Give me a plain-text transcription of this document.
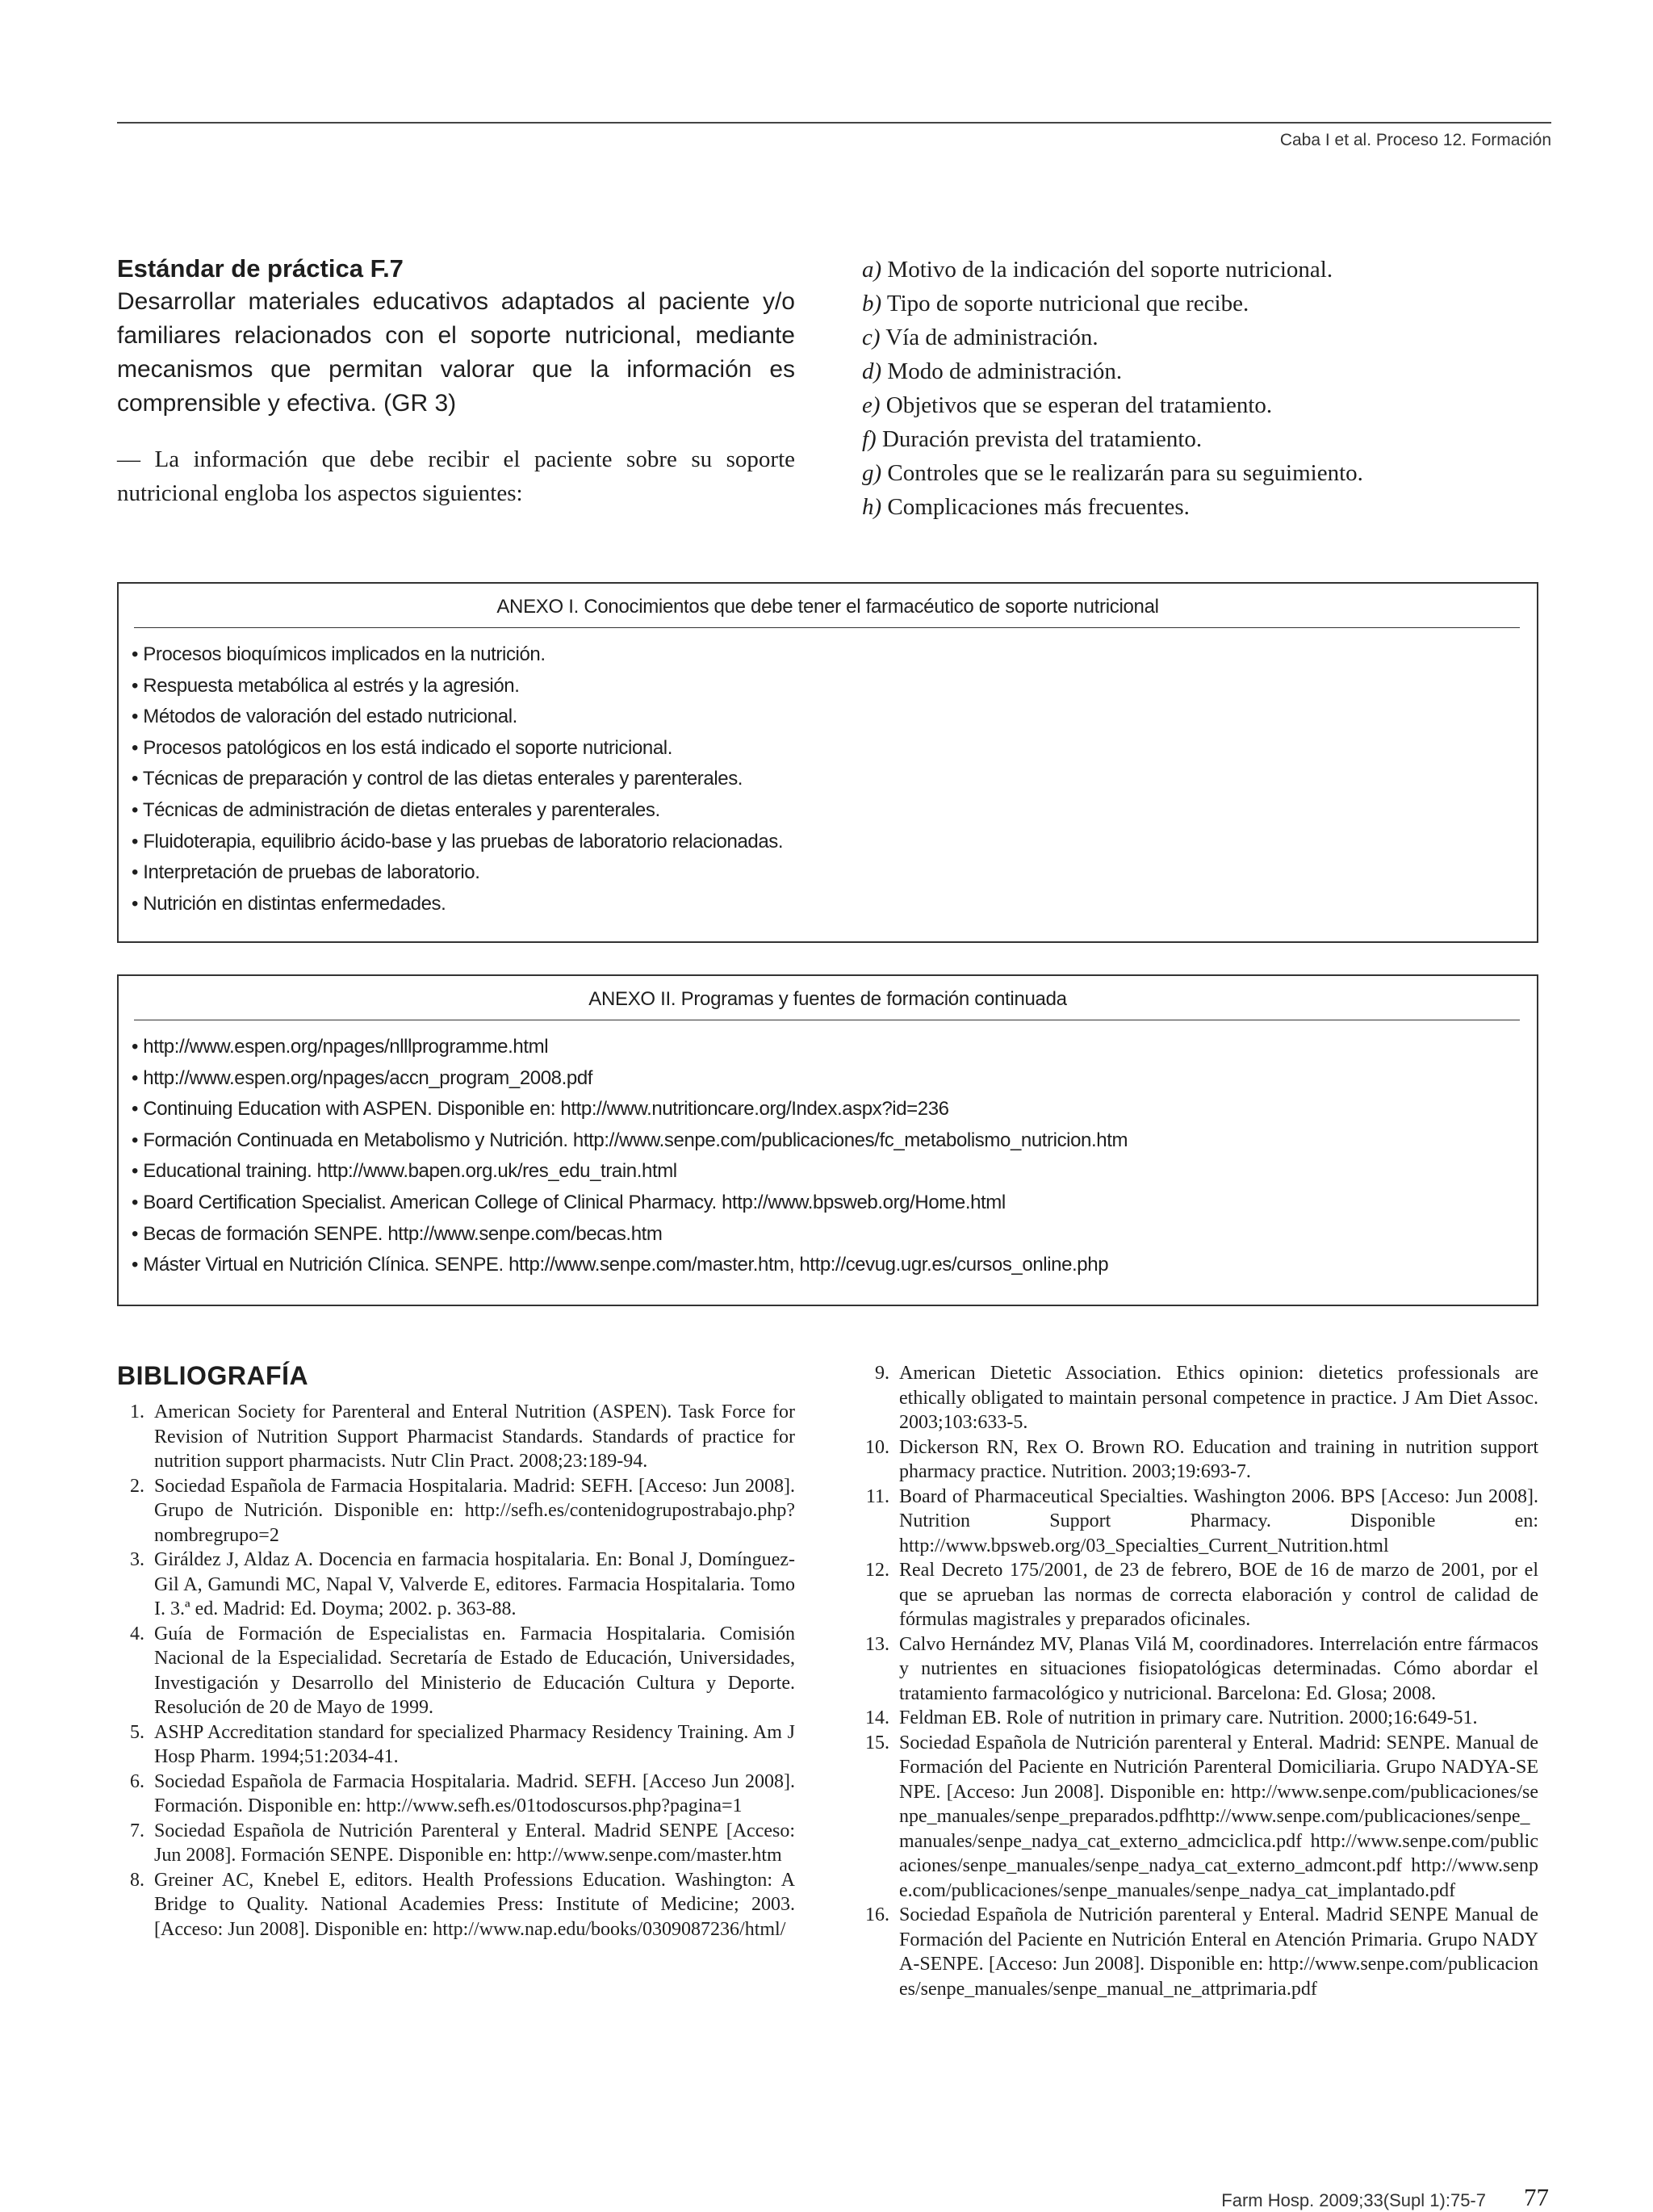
Caba I et al. Proceso 12. Formación
Estándar de práctica F.7

Desarrollar materiales educativos adaptados al paciente y/o familiares relacionados con el soporte nutricional, mediante mecanismos que permitan valorar que la información es comprensible y efectiva. (GR 3)

— La información que debe recibir el paciente sobre su soporte nutricional engloba los aspectos siguientes:

a) Motivo de la indicación del soporte nutricional.
b) Tipo de soporte nutricional que recibe.
c) Vía de administración.
d) Modo de administración.
e) Objetivos que se esperan del tratamiento.
f) Duración prevista del tratamiento.
g) Controles que se le realizarán para su seguimiento.
h) Complicaciones más frecuentes.
ANEXO I. Conocimientos que debe tener el farmacéutico de soporte nutricional
• Procesos bioquímicos implicados en la nutrición.
• Respuesta metabólica al estrés y la agresión.
• Métodos de valoración del estado nutricional.
• Procesos patológicos en los está indicado el soporte nutricional.
• Técnicas de preparación y control de las dietas enterales y parenterales.
• Técnicas de administración de dietas enterales y parenterales.
• Fluidoterapia, equilibrio ácido-base y las pruebas de laboratorio relacionadas.
• Interpretación de pruebas de laboratorio.
• Nutrición en distintas enfermedades.
ANEXO II. Programas y fuentes de formación continuada
• http://www.espen.org/npages/nlllprogramme.html
• http://www.espen.org/npages/accn_program_2008.pdf
• Continuing Education with ASPEN. Disponible en: http://www.nutritioncare.org/Index.aspx?id=236
• Formación Continuada en Metabolismo y Nutrición. http://www.senpe.com/publicaciones/fc_metabolismo_nutricion.htm
• Educational training. http://www.bapen.org.uk/res_edu_train.html
• Board Certification Specialist. American College of Clinical Pharmacy. http://www.bpsweb.org/Home.html
• Becas de formación SENPE. http://www.senpe.com/becas.htm
• Máster Virtual en Nutrición Clínica. SENPE. http://www.senpe.com/master.htm, http://cevug.ugr.es/cursos_online.php
BIBLIOGRAFÍA
1. American Society for Parenteral and Enteral Nutrition (ASPEN). Task Force for Revision of Nutrition Support Pharmacist Standards. Standards of practice for nutrition support pharmacists. Nutr Clin Pract. 2008;23:189-94.
2. Sociedad Española de Farmacia Hospitalaria. Madrid: SEFH. [Acceso: Jun 2008]. Grupo de Nutrición. Disponible en: http://sefh.es/contenidogrupostrabajo.php?nombregrupo=2
3. Giráldez J, Aldaz A. Docencia en farmacia hospitalaria. En: Bonal J, Domínguez-Gil A, Gamundi MC, Napal V, Valverde E, editores. Farmacia Hospitalaria. Tomo I. 3.ª ed. Madrid: Ed. Doyma; 2002. p. 363-88.
4. Guía de Formación de Especialistas en. Farmacia Hospitalaria. Comisión Nacional de la Especialidad. Secretaría de Estado de Educación, Universidades, Investigación y Desarrollo del Ministerio de Educación Cultura y Deporte. Resolución de 20 de Mayo de 1999.
5. ASHP Accreditation standard for specialized Pharmacy Residency Training. Am J Hosp Pharm. 1994;51:2034-41.
6. Sociedad Española de Farmacia Hospitalaria. Madrid. SEFH. [Acceso Jun 2008]. Formación. Disponible en: http://www.sefh.es/01todoscursos.php?pagina=1
7. Sociedad Española de Nutrición Parenteral y Enteral. Madrid SENPE [Acceso: Jun 2008]. Formación SENPE. Disponible en: http://www.senpe.com/master.htm
8. Greiner AC, Knebel E, editors. Health Professions Education. Washington: A Bridge to Quality. National Academies Press: Institute of Medicine; 2003. [Acceso: Jun 2008]. Disponible en: http://www.nap.edu/books/0309087236/html/
9. American Dietetic Association. Ethics opinion: dietetics professionals are ethically obligated to maintain personal competence in practice. J Am Diet Assoc. 2003;103:633-5.
10. Dickerson RN, Rex O. Brown RO. Education and training in nutrition support pharmacy practice. Nutrition. 2003;19:693-7.
11. Board of Pharmaceutical Specialties. Washington 2006. BPS [Acceso: Jun 2008]. Nutrition Support Pharmacy. Disponible en: http://www.bpsweb.org/03_Specialties_Current_Nutrition.html
12. Real Decreto 175/2001, de 23 de febrero, BOE de 16 de marzo de 2001, por el que se aprueban las normas de correcta elaboración y control de calidad de fórmulas magistrales y preparados oficinales.
13. Calvo Hernández MV, Planas Vilá M, coordinadores. Interrelación entre fármacos y nutrientes en situaciones fisiopatológicas determinadas. Cómo abordar el tratamiento farmacológico y nutricional. Barcelona: Ed. Glosa; 2008.
14. Feldman EB. Role of nutrition in primary care. Nutrition. 2000;16:649-51.
15. Sociedad Española de Nutrición parenteral y Enteral. Madrid: SENPE. Manual de Formación del Paciente en Nutrición Parenteral Domiciliaria. Grupo NADYA-SENPE. [Acceso: Jun 2008]. Disponible en: http://www.senpe.com/publicaciones/senpe_manuales/senpe_preparados.pdfhttp://www.senpe.com/publicaciones/senpe_manuales/senpe_nadya_cat_externo_admciclica.pdf http://www.senpe.com/publicaciones/senpe_manuales/senpe_nadya_cat_externo_admcont.pdf http://www.senpe.com/publicaciones/senpe_manuales/senpe_nadya_cat_implantado.pdf
16. Sociedad Española de Nutrición parenteral y Enteral. Madrid SENPE Manual de Formación del Paciente en Nutrición Enteral en Atención Primaria. Grupo NADYA-SENPE. [Acceso: Jun 2008]. Disponible en: http://www.senpe.com/publicaciones/senpe_manuales/senpe_manual_ne_attprimaria.pdf
Farm Hosp. 2009;33(Supl 1):75-7 77
